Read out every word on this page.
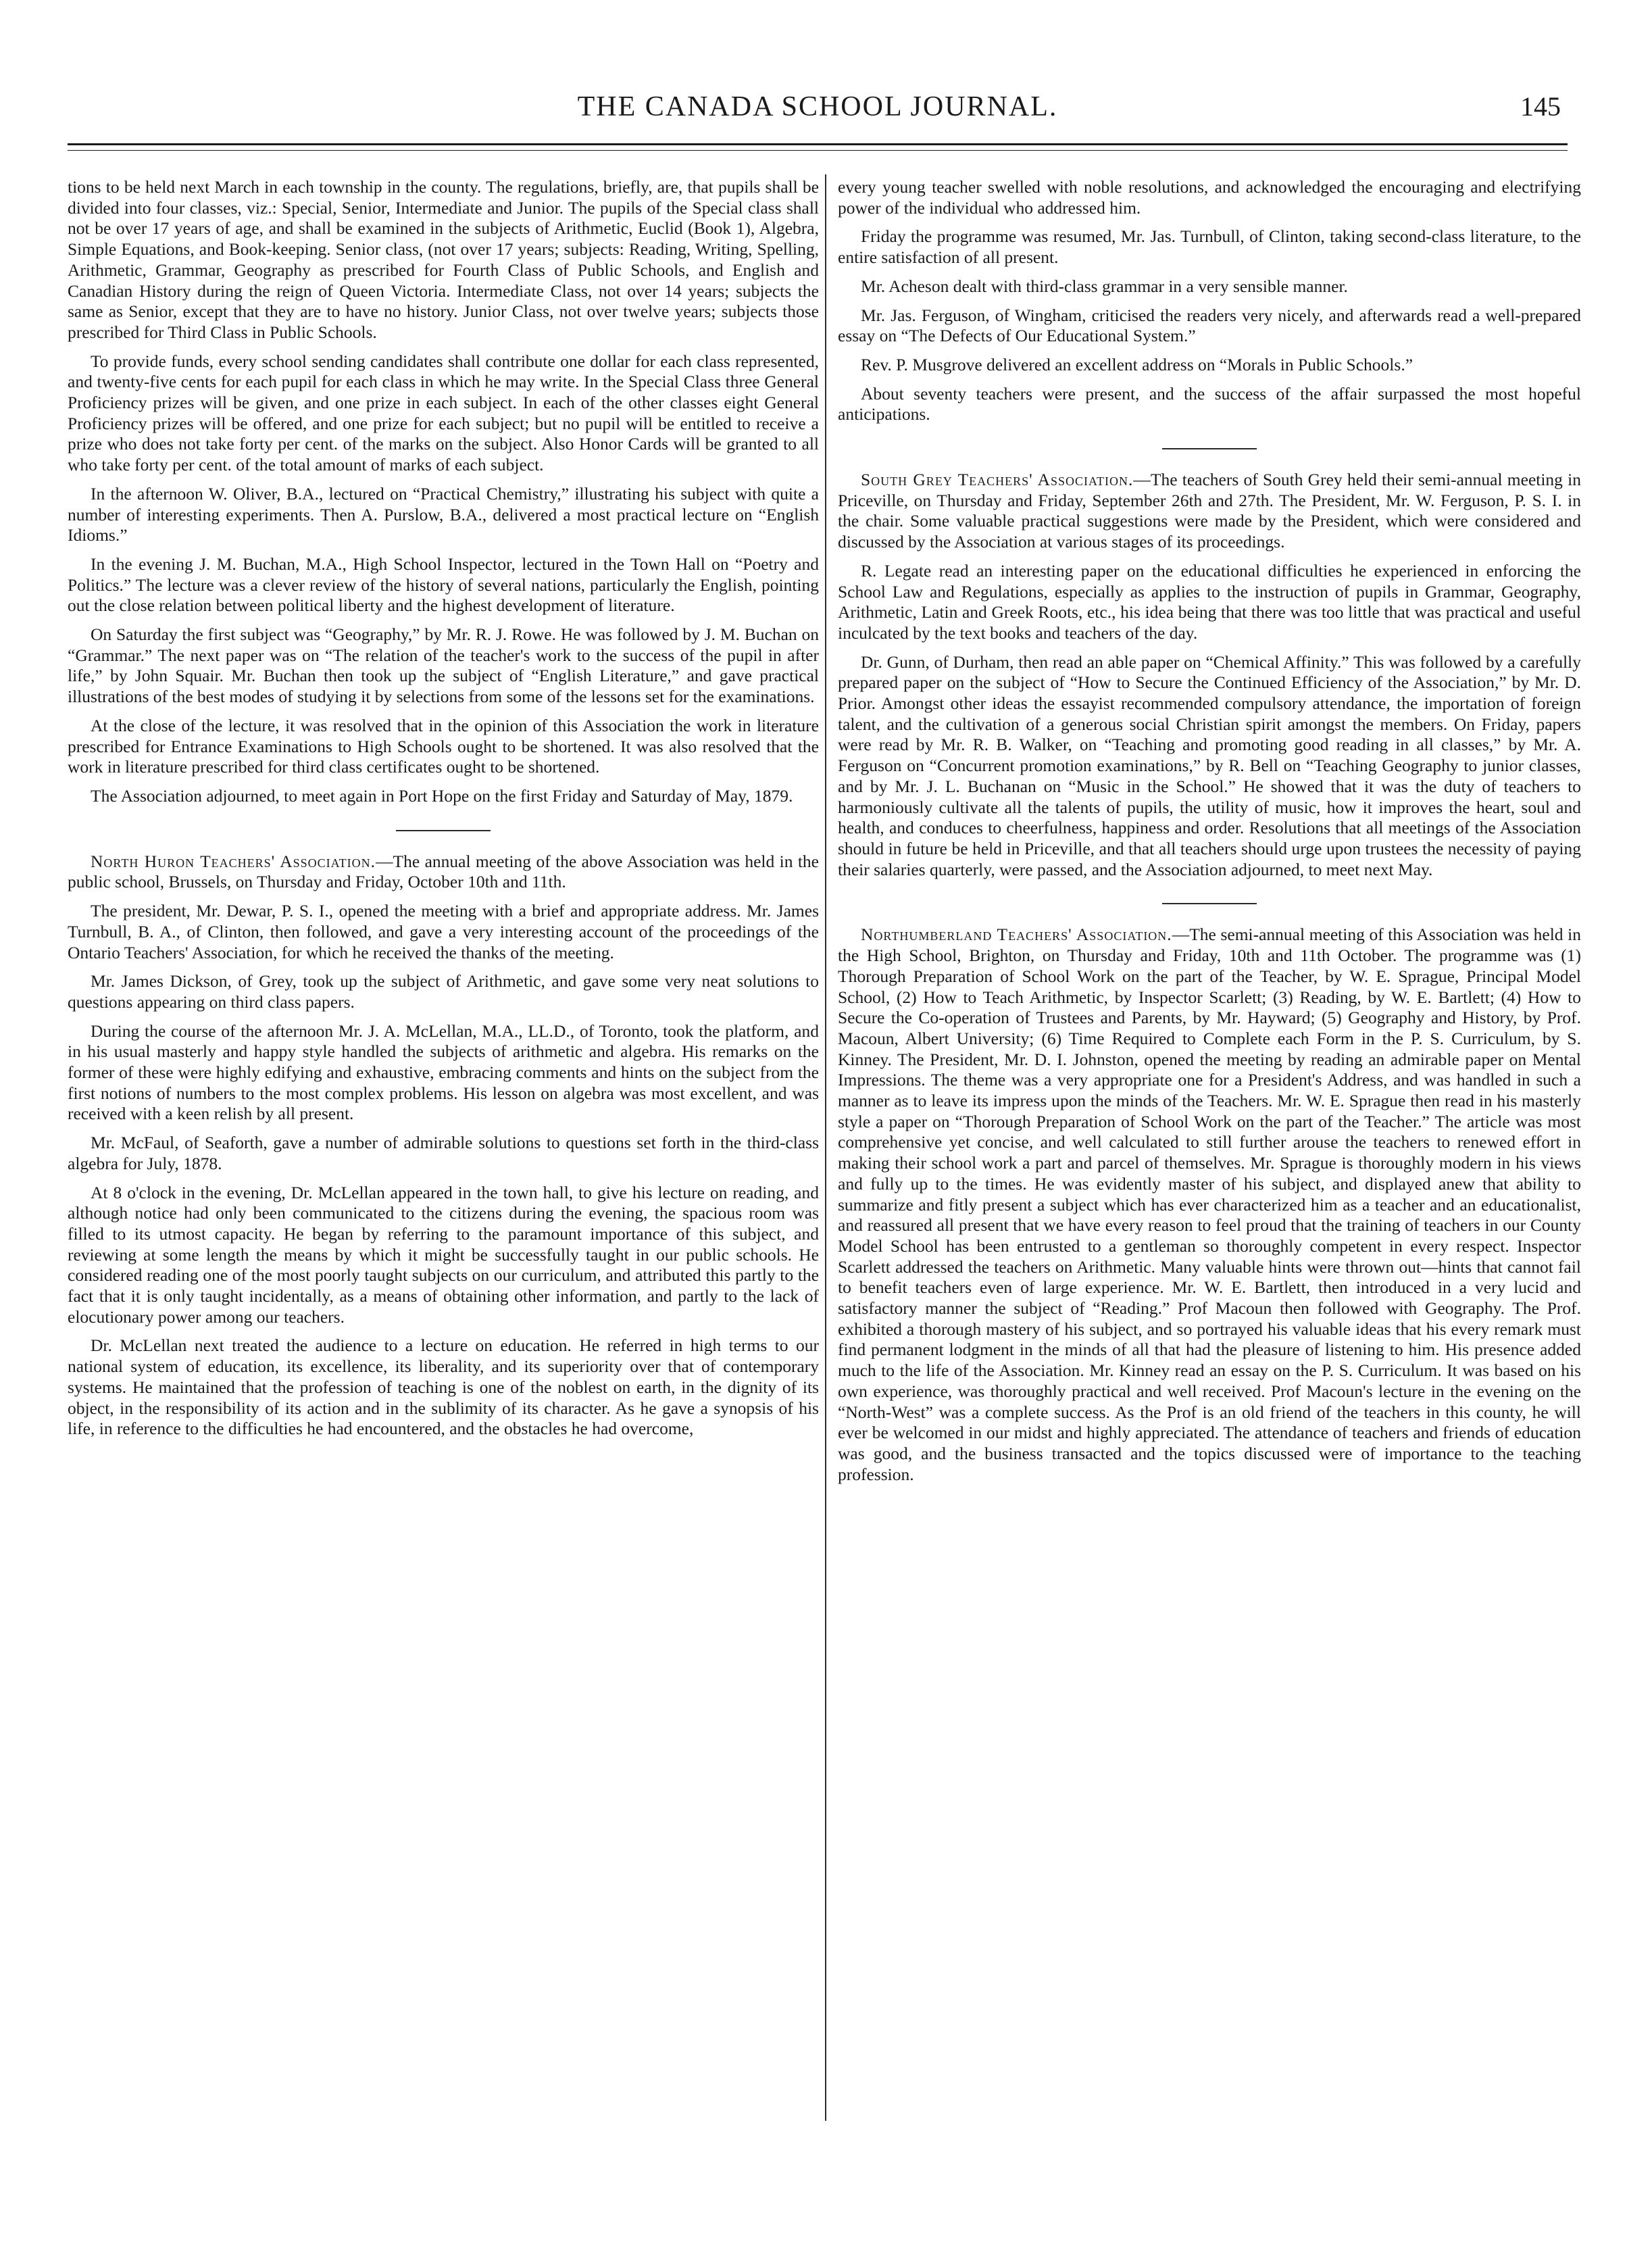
THE CANADA SCHOOL JOURNAL.	145

tions to be held next March in each township in the county. The regulations, briefly, are, that pupils shall be divided into four classes, viz.: Special, Senior, Intermediate and Junior. The pupils of the Special class shall not be over 17 years of age, and shall be examined in the subjects of Arithmetic, Euclid (Book 1), Algebra, Simple Equations, and Book-keeping. Senior class, (not over 17 years; subjects: Reading, Writing, Spelling, Arithmetic, Grammar, Geography as prescribed for Fourth Class of Public Schools, and English and Canadian History during the reign of Queen Victoria. Intermediate Class, not over 14 years; subjects the same as Senior, except that they are to have no history. Junior Class, not over twelve years; subjects those prescribed for Third Class in Public Schools.

To provide funds, every school sending candidates shall contribute one dollar for each class represented, and twenty-five cents for each pupil for each class in which he may write. In the Special Class three General Proficiency prizes will be given, and one prize in each subject. In each of the other classes eight General Proficiency prizes will be offered, and one prize for each subject; but no pupil will be entitled to receive a prize who does not take forty per cent. of the marks on the subject. Also Honor Cards will be granted to all who take forty per cent. of the total amount of marks of each subject.

In the afternoon W. Oliver, B.A., lectured on “Practical Chemistry,” illustrating his subject with quite a number of interesting experiments. Then A. Purslow, B.A., delivered a most practical lecture on “English Idioms.”

In the evening J. M. Buchan, M.A., High School Inspector, lectured in the Town Hall on “Poetry and Politics.” The lecture was a clever review of the history of several nations, particularly the English, pointing out the close relation between political liberty and the highest development of literature.

On Saturday the first subject was “Geography,” by Mr. R. J. Rowe. He was followed by J. M. Buchan on “Grammar.” The next paper was on “The relation of the teacher's work to the success of the pupil in after life,” by John Squair. Mr. Buchan then took up the subject of “English Literature,” and gave practical illustrations of the best modes of studying it by selections from some of the lessons set for the examinations.

At the close of the lecture, it was resolved that in the opinion of this Association the work in literature prescribed for Entrance Examinations to High Schools ought to be shortened. It was also resolved that the work in literature prescribed for third class certificates ought to be shortened.

The Association adjourned, to meet again in Port Hope on the first Friday and Saturday of May, 1879.

North Huron Teachers' Association.—The annual meeting of the above Association was held in the public school, Brussels, on Thursday and Friday, October 10th and 11th.

The president, Mr. Dewar, P. S. I., opened the meeting with a brief and appropriate address. Mr. James Turnbull, B. A., of Clinton, then followed, and gave a very interesting account of the proceedings of the Ontario Teachers' Association, for which he received the thanks of the meeting.

Mr. James Dickson, of Grey, took up the subject of Arithmetic, and gave some very neat solutions to questions appearing on third class papers.

During the course of the afternoon Mr. J. A. McLellan, M.A., LL.D., of Toronto, took the platform, and in his usual masterly and happy style handled the subjects of arithmetic and algebra. His remarks on the former of these were highly edifying and exhaustive, embracing comments and hints on the subject from the first notions of numbers to the most complex problems. His lesson on algebra was most excellent, and was received with a keen relish by all present.

Mr. McFaul, of Seaforth, gave a number of admirable solutions to questions set forth in the third-class algebra for July, 1878.

At 8 o'clock in the evening, Dr. McLellan appeared in the town hall, to give his lecture on reading, and although notice had only been communicated to the citizens during the evening, the spacious room was filled to its utmost capacity. He began by referring to the paramount importance of this subject, and reviewing at some length the means by which it might be successfully taught in our public schools. He considered reading one of the most poorly taught subjects on our curriculum, and attributed this partly to the fact that it is only taught incidentally, as a means of obtaining other information, and partly to the lack of elocutionary power among our teachers.

Dr. McLellan next treated the audience to a lecture on education. He referred in high terms to our national system of education, its excellence, its liberality, and its superiority over that of contemporary systems. He maintained that the profession of teaching is one of the noblest on earth, in the dignity of its object, in the responsibility of its action and in the sublimity of its character. As he gave a synopsis of his life, in reference to the difficulties he had encountered, and the obstacles he had overcome,

every young teacher swelled with noble resolutions, and acknowledged the encouraging and electrifying power of the individual who addressed him.

Friday the programme was resumed, Mr. Jas. Turnbull, of Clinton, taking second-class literature, to the entire satisfaction of all present.

Mr. Acheson dealt with third-class grammar in a very sensible manner.

Mr. Jas. Ferguson, of Wingham, criticised the readers very nicely, and afterwards read a well-prepared essay on “The Defects of Our Educational System.”

Rev. P. Musgrove delivered an excellent address on “Morals in Public Schools.”

About seventy teachers were present, and the success of the affair surpassed the most hopeful anticipations.

South Grey Teachers' Association.—The teachers of South Grey held their semi-annual meeting in Priceville, on Thursday and Friday, September 26th and 27th. The President, Mr. W. Ferguson, P. S. I. in the chair. Some valuable practical suggestions were made by the President, which were considered and discussed by the Association at various stages of its proceedings.

R. Legate read an interesting paper on the educational difficulties he experienced in enforcing the School Law and Regulations, especially as applies to the instruction of pupils in Grammar, Geography, Arithmetic, Latin and Greek Roots, etc., his idea being that there was too little that was practical and useful inculcated by the text books and teachers of the day.

Dr. Gunn, of Durham, then read an able paper on “Chemical Affinity.” This was followed by a carefully prepared paper on the subject of “How to Secure the Continued Efficiency of the Association,” by Mr. D. Prior. Amongst other ideas the essayist recommended compulsory attendance, the importation of foreign talent, and the cultivation of a generous social Christian spirit amongst the members. On Friday, papers were read by Mr. R. B. Walker, on “Teaching and promoting good reading in all classes,” by Mr. A. Ferguson on “Concurrent promotion examinations,” by R. Bell on “Teaching Geography to junior classes, and by Mr. J. L. Buchanan on “Music in the School.” He showed that it was the duty of teachers to harmoniously cultivate all the talents of pupils, the utility of music, how it improves the heart, soul and health, and conduces to cheerfulness, happiness and order. Resolutions that all meetings of the Association should in future be held in Priceville, and that all teachers should urge upon trustees the necessity of paying their salaries quarterly, were passed, and the Association adjourned, to meet next May.

Northumberland Teachers' Association.—The semi-annual meeting of this Association was held in the High School, Brighton, on Thursday and Friday, 10th and 11th October. The programme was (1) Thorough Preparation of School Work on the part of the Teacher, by W. E. Sprague, Principal Model School, (2) How to Teach Arithmetic, by Inspector Scarlett; (3) Reading, by W. E. Bartlett; (4) How to Secure the Co-operation of Trustees and Parents, by Mr. Hayward; (5) Geography and History, by Prof. Macoun, Albert University; (6) Time Required to Complete each Form in the P. S. Curriculum, by S. Kinney. The President, Mr. D. I. Johnston, opened the meeting by reading an admirable paper on Mental Impressions. The theme was a very appropriate one for a President's Address, and was handled in such a manner as to leave its impress upon the minds of the Teachers. Mr. W. E. Sprague then read in his masterly style a paper on “Thorough Preparation of School Work on the part of the Teacher.” The article was most comprehensive yet concise, and well calculated to still further arouse the teachers to renewed effort in making their school work a part and parcel of themselves. Mr. Sprague is thoroughly modern in his views and fully up to the times. He was evidently master of his subject, and displayed anew that ability to summarize and fitly present a subject which has ever characterized him as a teacher and an educationalist, and reassured all present that we have every reason to feel proud that the training of teachers in our County Model School has been entrusted to a gentleman so thoroughly competent in every respect. Inspector Scarlett addressed the teachers on Arithmetic. Many valuable hints were thrown out—hints that cannot fail to benefit teachers even of large experience. Mr. W. E. Bartlett, then introduced in a very lucid and satisfactory manner the subject of “Reading.” Prof Macoun then followed with Geography. The Prof. exhibited a thorough mastery of his subject, and so portrayed his valuable ideas that his every remark must find permanent lodgment in the minds of all that had the pleasure of listening to him. His presence added much to the life of the Association. Mr. Kinney read an essay on the P. S. Curriculum. It was based on his own experience, was thoroughly practical and well received. Prof Macoun's lecture in the evening on the “North-West” was a complete success. As the Prof is an old friend of the teachers in this county, he will ever be welcomed in our midst and highly appreciated. The attendance of teachers and friends of education was good, and the business transacted and the topics discussed were of importance to the teaching profession.
